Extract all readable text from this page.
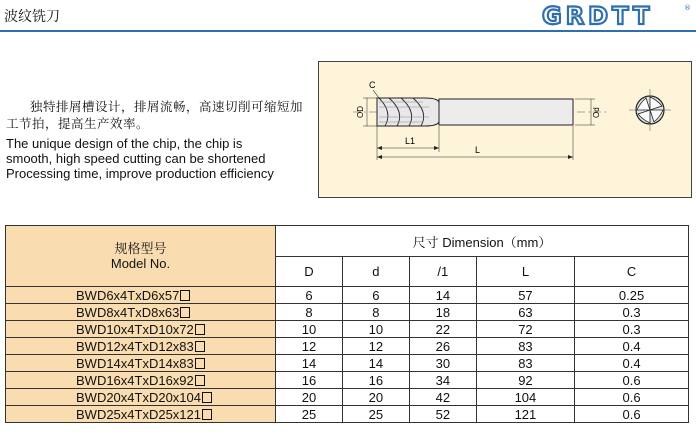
波纹铣刀	GRDTT	®
独特排屑槽设计，排屑流畅，高速切削可缩短加工节拍，提高生产效率。
The unique design of the chip, the chip is
smooth, high speed cutting can be shortened
Processing time, improve production efficiency
C
OD	Od
L1
L
规格型号
Model No.	尺寸 Dimension（mm）				
	D	d	/1	L	C
BWD6x4TxD6x57	6	6	14	57	0.25
BWD8x4TxD8x63	8	8	18	63	0.3
BWD10x4TxD10x72	10	10	22	72	0.3
BWD12x4TxD12x83	12	12	26	83	0.4
BWD14x4TxD14x83	14	14	30	83	0.4
BWD16x4TxD16x92	16	16	34	92	0.6
BWD20x4TxD20x104	20	20	42	104	0.6
BWD25x4TxD25x121	25	25	52	121	0.6
